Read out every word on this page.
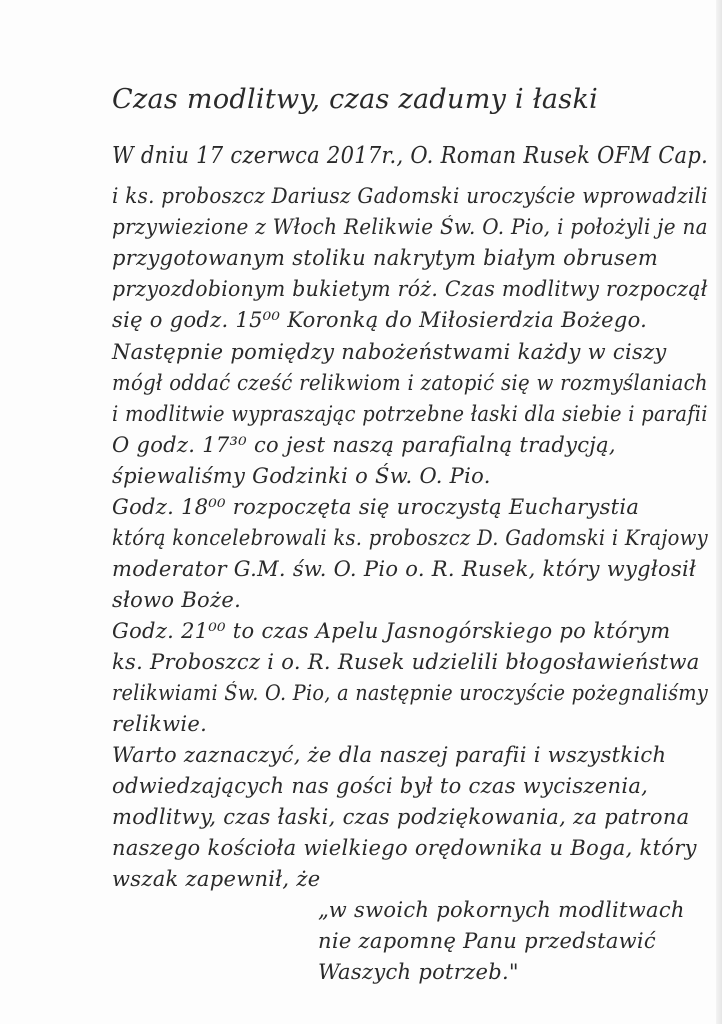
Czas modlitwy, czas zadumy i łaski
W dniu 17 czerwca 2017r., O. Roman Rusek OFM Cap.
i ks. proboszcz Dariusz Gadomski uroczyście wprowadzili
przywiezione z Włoch Relikwie Św. O. Pio, i położyli je na
przygotowanym stoliku nakrytym białym obrusem
przyozdobionym bukietym róż. Czas modlitwy rozpoczął
się o godz. 15⁰⁰ Koronką do Miłosierdzia Bożego.
Następnie pomiędzy nabożeństwami każdy w ciszy
mógł oddać cześć relikwiom i zatopić się w rozmyślaniach
i modlitwie wypraszając potrzebne łaski dla siebie i parafii
O godz. 17³⁰ co jest naszą parafialną tradycją,
śpiewaliśmy Godzinki o Św. O. Pio.
Godz. 18⁰⁰ rozpoczęta się uroczystą Eucharystia
którą koncelebrowali ks. proboszcz D. Gadomski i Krajowy
moderator G.M. św. O. Pio o. R. Rusek, który wygłosił
słowo Boże.
Godz. 21⁰⁰ to czas Apelu Jasnogórskiego po którym
ks. Proboszcz i o. R. Rusek udzielili błogosławieństwa
relikwiami Św. O. Pio, a następnie uroczyście pożegnaliśmy
relikwie.
Warto zaznaczyć, że dla naszej parafii i wszystkich
odwiedzających nas gości był to czas wyciszenia,
modlitwy, czas łaski, czas podziękowania, za patrona
naszego kościoła wielkiego orędownika u Boga, który
wszak zapewnił, że
„w swoich pokornych modlitwach
nie zapomnę Panu przedstawić
Waszych potrzeb."
